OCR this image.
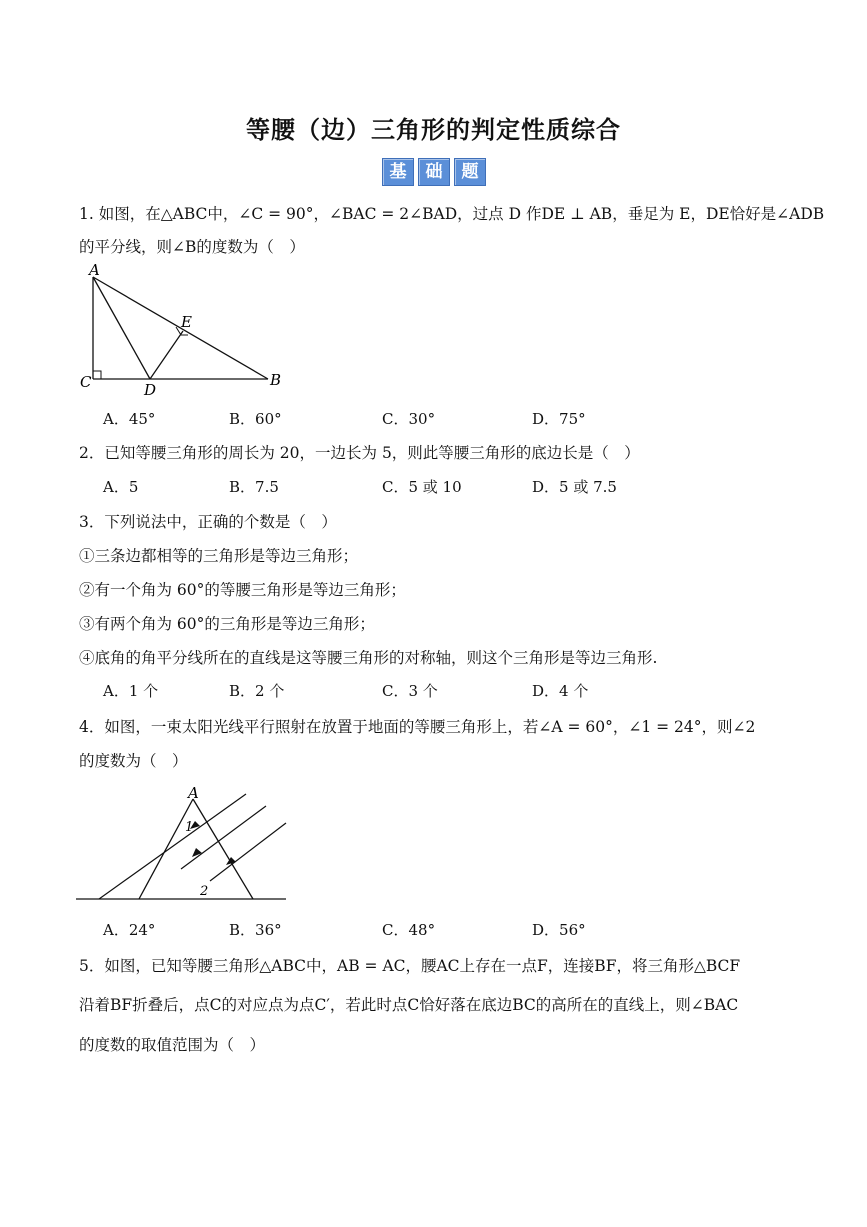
等腰（边）三角形的判定性质综合
基	础	题
1. 如图，在△ABC中，∠C = 90°，∠BAC = 2∠BAD，过点 D 作DE ⊥ AB，垂足为 E，DE恰好是∠ADB
的平分线，则∠B的度数为（　）
A
B
C	D
E
A．45°	B．60°	C．30°	D．75°
2．已知等腰三角形的周长为 20，一边长为 5，则此等腰三角形的底边长是（　）
A．5	B．7.5	C．5 或 10	D．5 或 7.5
3．下列说法中，正确的个数是（　）
①三条边都相等的三角形是等边三角形；
②有一个角为 60°的等腰三角形是等边三角形；
③有两个角为 60°的三角形是等边三角形；
④底角的角平分线所在的直线是这等腰三角形的对称轴，则这个三角形是等边三角形.
A．1 个	B．2 个	C．3 个	D．4 个
4．如图，一束太阳光线平行照射在放置于地面的等腰三角形上，若∠A = 60°，∠1 = 24°，则∠2
的度数为（　）
A
1
2
A．24°	B．36°	C．48°	D．56°
5．如图，已知等腰三角形△ABC中，AB = AC，腰AC上存在一点F，连接BF，将三角形△BCF
沿着BF折叠后，点C的对应点为点C′，若此时点C恰好落在底边BC的高所在的直线上，则∠BAC
的度数的取值范围为（　）
